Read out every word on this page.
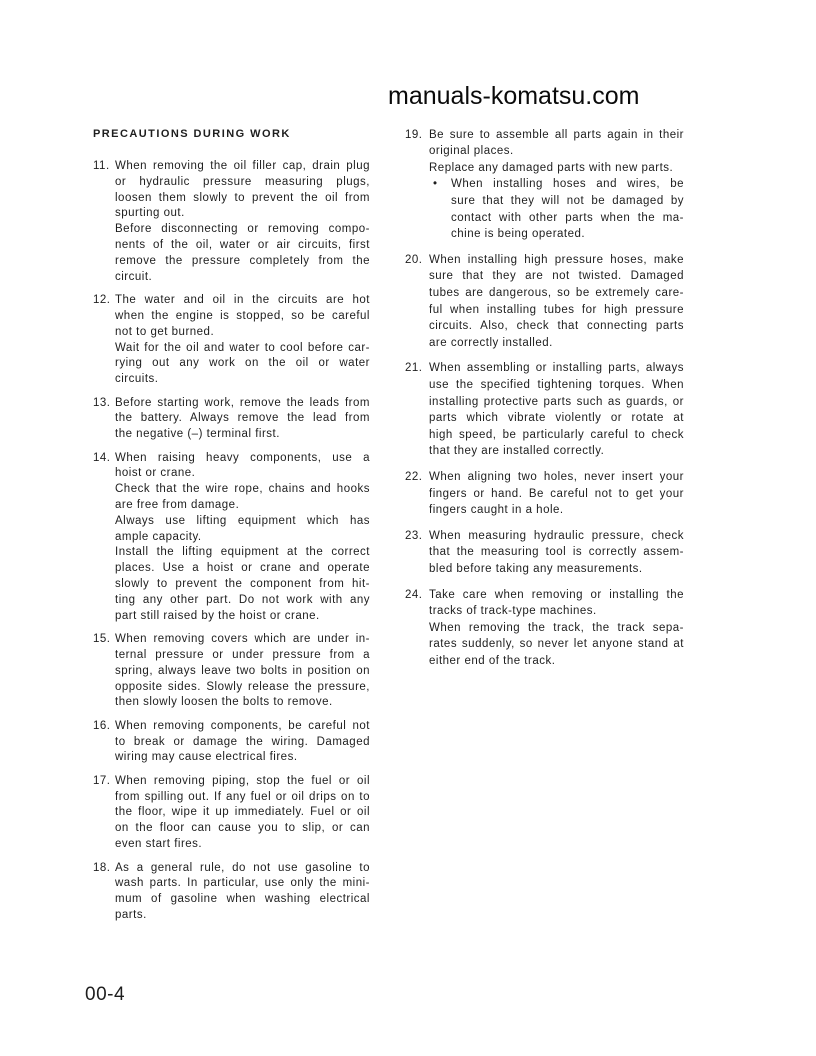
manuals-komatsu.com
PRECAUTIONS DURING WORK
11. When removing the oil filler cap, drain plug
or hydraulic pressure measuring plugs,
loosen them slowly to prevent the oil from
spurting out.
Before disconnecting or removing compo-
nents of the oil, water or air circuits, first
remove the pressure completely from the
circuit.
12. The water and oil in the circuits are hot
when the engine is stopped, so be careful
not to get burned.
Wait for the oil and water to cool before car-
rying out any work on the oil or water
circuits.
13. Before starting work, remove the leads from
the battery. Always remove the lead from
the negative (–) terminal first.
14. When raising heavy components, use a
hoist or crane.
Check that the wire rope, chains and hooks
are free from damage.
Always use lifting equipment which has
ample capacity.
Install the lifting equipment at the correct
places. Use a hoist or crane and operate
slowly to prevent the component from hit-
ting any other part. Do not work with any
part still raised by the hoist or crane.
15. When removing covers which are under in-
ternal pressure or under pressure from a
spring, always leave two bolts in position on
opposite sides. Slowly release the pressure,
then slowly loosen the bolts to remove.
16. When removing components, be careful not
to break or damage the wiring. Damaged
wiring may cause electrical fires.
17. When removing piping, stop the fuel or oil
from spilling out. If any fuel or oil drips on to
the floor, wipe it up immediately. Fuel or oil
on the floor can cause you to slip, or can
even start fires.
18. As a general rule, do not use gasoline to
wash parts. In particular, use only the mini-
mum of gasoline when washing electrical
parts.
19. Be sure to assemble all parts again in their
original places.
Replace any damaged parts with new parts.
• When installing hoses and wires, be
sure that they will not be damaged by
contact with other parts when the ma-
chine is being operated.
20. When installing high pressure hoses, make
sure that they are not twisted. Damaged
tubes are dangerous, so be extremely care-
ful when installing tubes for high pressure
circuits. Also, check that connecting parts
are correctly installed.
21. When assembling or installing parts, always
use the specified tightening torques. When
installing protective parts such as guards, or
parts which vibrate violently or rotate at
high speed, be particularly careful to check
that they are installed correctly.
22. When aligning two holes, never insert your
fingers or hand. Be careful not to get your
fingers caught in a hole.
23. When measuring hydraulic pressure, check
that the measuring tool is correctly assem-
bled before taking any measurements.
24. Take care when removing or installing the
tracks of track-type machines.
When removing the track, the track sepa-
rates suddenly, so never let anyone stand at
either end of the track.
00-4
